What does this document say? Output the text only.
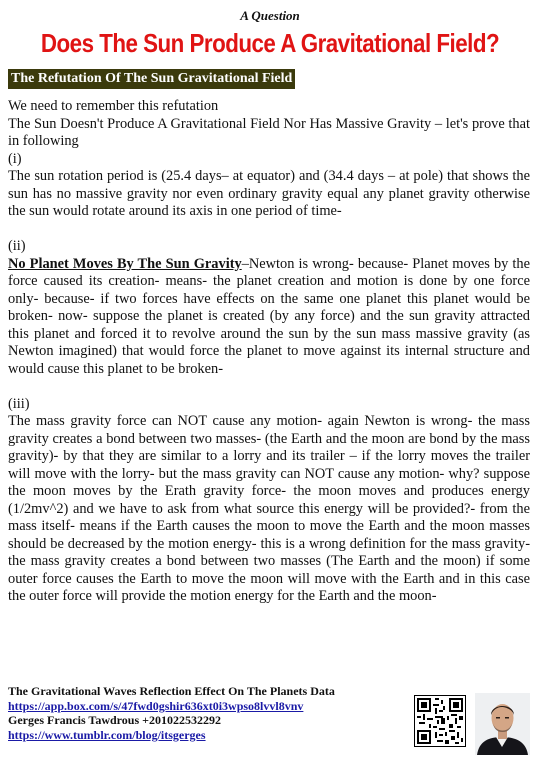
A Question
Does The Sun Produce A Gravitational Field?
The Refutation Of The Sun Gravitational Field

We need to remember this refutation

The Sun Doesn't Produce A Gravitational Field Nor Has Massive Gravity – let's prove that in following

(i)

The sun rotation period is (25.4 days– at equator) and (34.4 days – at pole) that shows the sun has no massive gravity nor even ordinary gravity equal any planet gravity otherwise the sun would rotate around its axis in one period of time-

(ii)

No Planet Moves By The Sun Gravity–Newton is wrong- because- Planet moves by the force caused its creation- means- the planet creation and motion is done by one force only- because- if two forces have effects on the same one planet this planet would be broken- now- suppose the planet is created (by any force) and the sun gravity attracted this planet and forced it to revolve around the sun by the sun mass massive gravity (as Newton imagined) that would force the planet to move against its internal structure and would cause this planet to be broken-

(iii)

The mass gravity force can NOT cause any motion- again Newton is wrong- the mass gravity creates a bond between two masses- (the Earth and the moon are bond by the mass gravity)- by that they are similar to a lorry and its trailer – if the lorry moves the trailer will move with the lorry- but the mass gravity can NOT cause any motion- why? suppose the moon moves by the Erath gravity force- the moon moves and produces energy (1/2mv^2) and we have to ask from what source this energy will be provided?- from the mass itself- means if the Earth causes the moon to move the Earth and the moon masses should be decreased by the motion energy- this is a wrong definition for the mass gravity- the mass gravity creates a bond between two masses (The Earth and the moon) if some outer force causes the Earth to move the moon will move with the Earth and in this case the outer force will provide the motion energy for the Earth and the moon-

The Gravitational Waves Reflection Effect On The Planets Data
https://app.box.com/s/47fwd0gshir636xt0i3wpso8lvvl8vnv
Gerges Francis Tawdrous +201022532292
https://www.tumblr.com/blog/itsgerges
